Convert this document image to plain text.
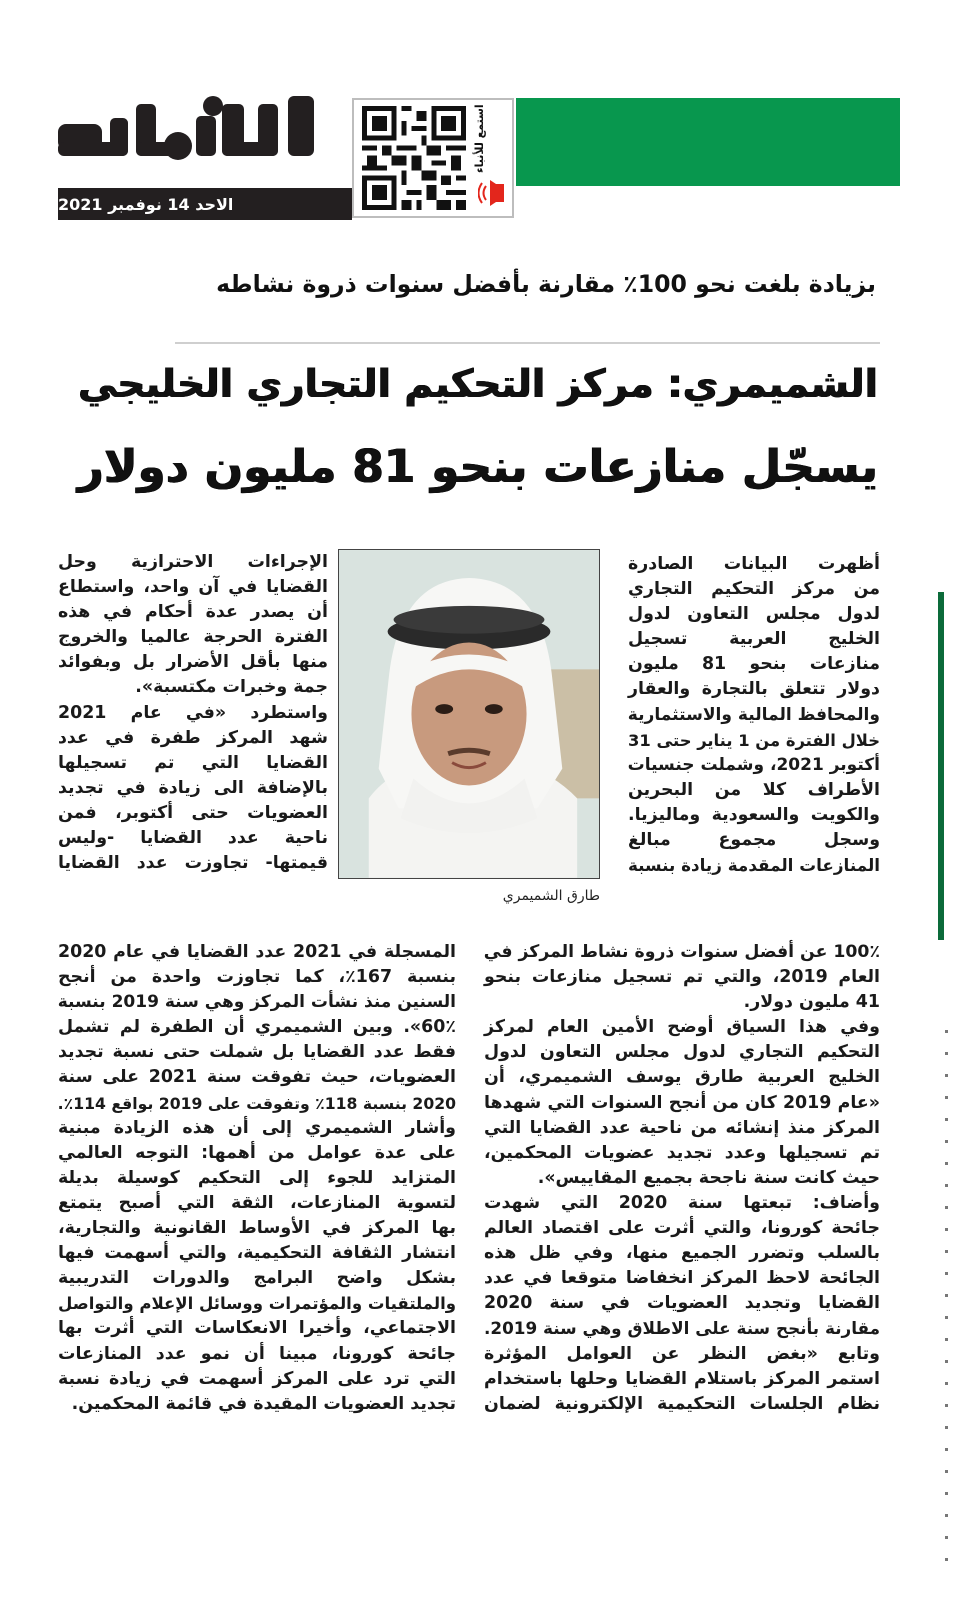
الاحد 14 نوفمبر 2021
استمع للأنباء
بزيادة بلغت نحو 100٪ مقارنة بأفضل سنوات ذروة نشاطه
الشميمري: مركز التحكيم التجاري الخليجي
يسجّل منازعات بنحو 81 مليون دولار
أظهرت البيانات الصادرة
من مركز التحكيم التجاري
لدول مجلس التعاون لدول
الخليج العربية تسجيل
منازعات بنحو 81 مليون
دولار تتعلق بالتجارة والعقار
والمحافظ المالية والاستثمارية
خلال الفترة من 1 يناير حتى 31
أكتوبر 2021، وشملت جنسيات
الأطراف كلا من البحرين
والكويت والسعودية وماليزيا.
وسجل مجموع مبالغ
المنازعات المقدمة زيادة بنسبة
طارق الشميمري
الإجراءات الاحترازية وحل
القضايا في آن واحد، واستطاع
أن يصدر عدة أحكام في هذه
الفترة الحرجة عالميا والخروج
منها بأقل الأضرار بل وبفوائد
جمة وخبرات مكتسبة».
واستطرد «في عام 2021
شهد المركز طفرة في عدد
القضايا التي تم تسجيلها
بالإضافة الى زيادة في تجديد
العضويات حتى أكتوبر، فمن
ناحية عدد القضايا -وليس
قيمتها- تجاوزت عدد القضايا
100٪ عن أفضل سنوات ذروة نشاط المركز في
العام 2019، والتي تم تسجيل منازعات بنحو
41 مليون دولار.
وفي هذا السياق أوضح الأمين العام لمركز
التحكيم التجاري لدول مجلس التعاون لدول
الخليج العربية طارق يوسف الشميمري، أن
«عام 2019 كان من أنجح السنوات التي شهدها
المركز منذ إنشائه من ناحية عدد القضايا التي
تم تسجيلها وعدد تجديد عضويات المحكمين،
حيث كانت سنة ناجحة بجميع المقاييس».
وأضاف: تبعتها سنة 2020 التي شهدت
جائحة كورونا، والتي أثرت على اقتصاد العالم
بالسلب وتضرر الجميع منها، وفي ظل هذه
الجائحة لاحظ المركز انخفاضا متوقعا في عدد
القضايا وتجديد العضويات في سنة 2020
مقارنة بأنجح سنة على الاطلاق وهي سنة 2019.
وتابع «بغض النظر عن العوامل المؤثرة
استمر المركز باستلام القضايا وحلها باستخدام
نظام الجلسات التحكيمية الإلكترونية لضمان
المسجلة في 2021 عدد القضايا في عام 2020
بنسبة 167٪، كما تجاوزت واحدة من أنجح
السنين منذ نشأت المركز وهي سنة 2019 بنسبة
60٪». وبين الشميمري أن الطفرة لم تشمل
فقط عدد القضايا بل شملت حتى نسبة تجديد
العضويات، حيث تفوقت سنة 2021 على سنة
2020 بنسبة 118٪ وتفوقت على 2019 بواقع 114٪.
وأشار الشميمري إلى أن هذه الزيادة مبنية
على عدة عوامل من أهمها: التوجه العالمي
المتزايد للجوء إلى التحكيم كوسيلة بديلة
لتسوية المنازعات، الثقة التي أصبح يتمتع
بها المركز في الأوساط القانونية والتجارية،
انتشار الثقافة التحكيمية، والتي أسهمت فيها
بشكل واضح البرامج والدورات التدريبية
والملتقيات والمؤتمرات ووسائل الإعلام والتواصل
الاجتماعي، وأخيرا الانعكاسات التي أثرت بها
جائحة كورونا، مبينا أن نمو عدد المنازعات
التي ترد على المركز أسهمت في زيادة نسبة
تجديد العضويات المقيدة في قائمة المحكمين.
